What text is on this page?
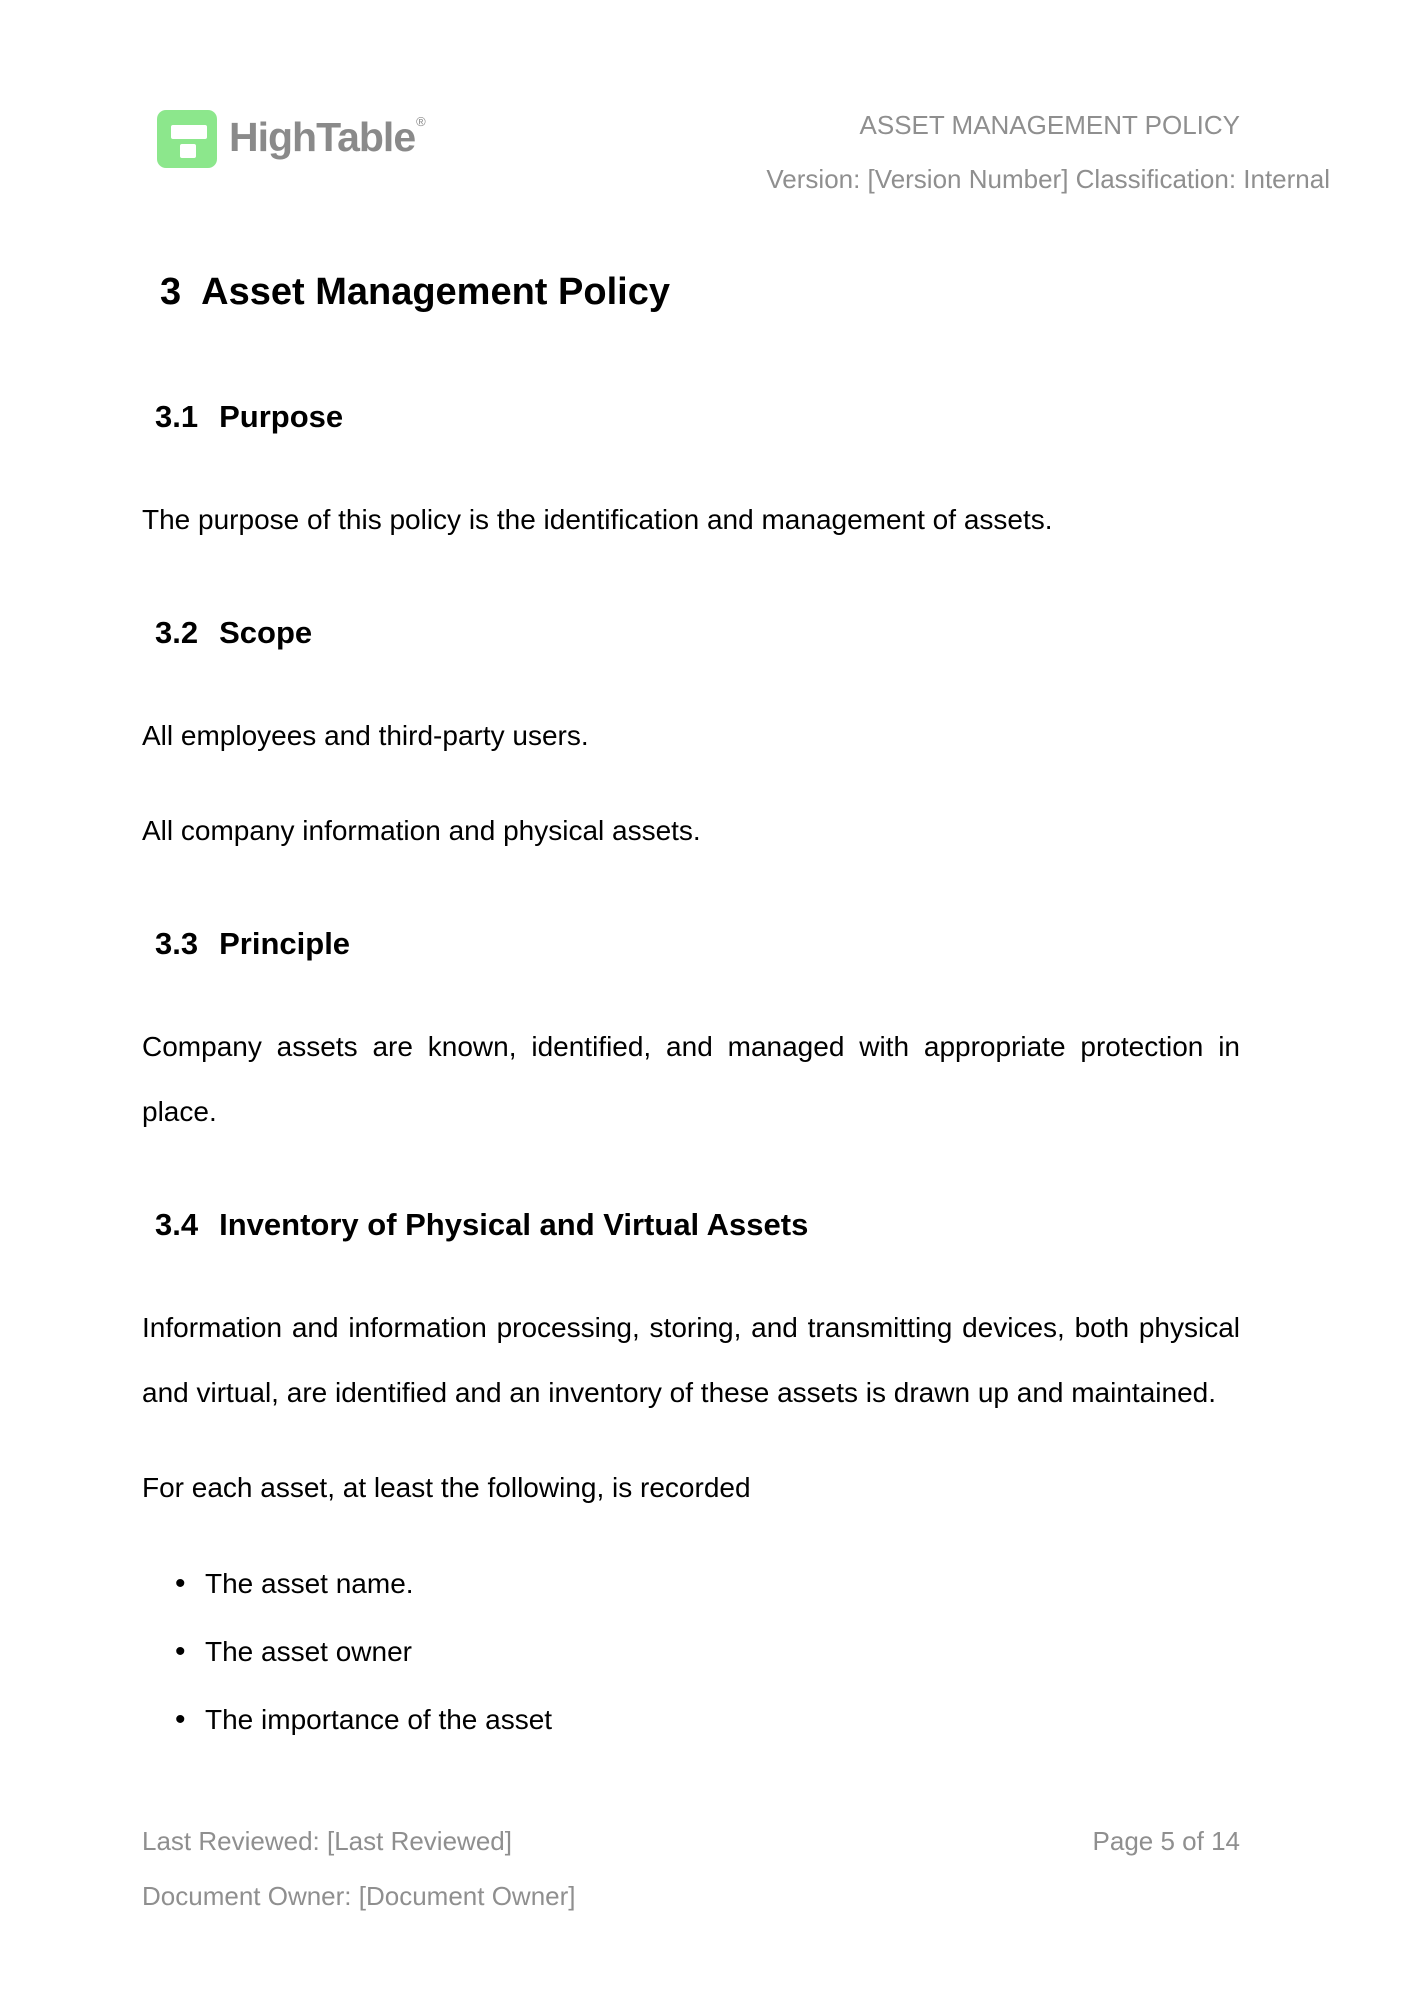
HighTable®	ASSET MANAGEMENT POLICY
Version: [Version Number] Classification: Internal
3 Asset Management Policy
3.1 Purpose

The purpose of this policy is the identification and management of assets.

3.2 Scope

All employees and third-party users.

All company information and physical assets.

3.3 Principle

Company assets are known, identified, and managed with appropriate protection in place.

3.4 Inventory of Physical and Virtual Assets

Information and information processing, storing, and transmitting devices, both physical and virtual, are identified and an inventory of these assets is drawn up and maintained.

For each asset, at least the following, is recorded

• The asset name.
• The asset owner
• The importance of the asset
Last Reviewed: [Last Reviewed]
Document Owner: [Document Owner]
Page 5 of 14
